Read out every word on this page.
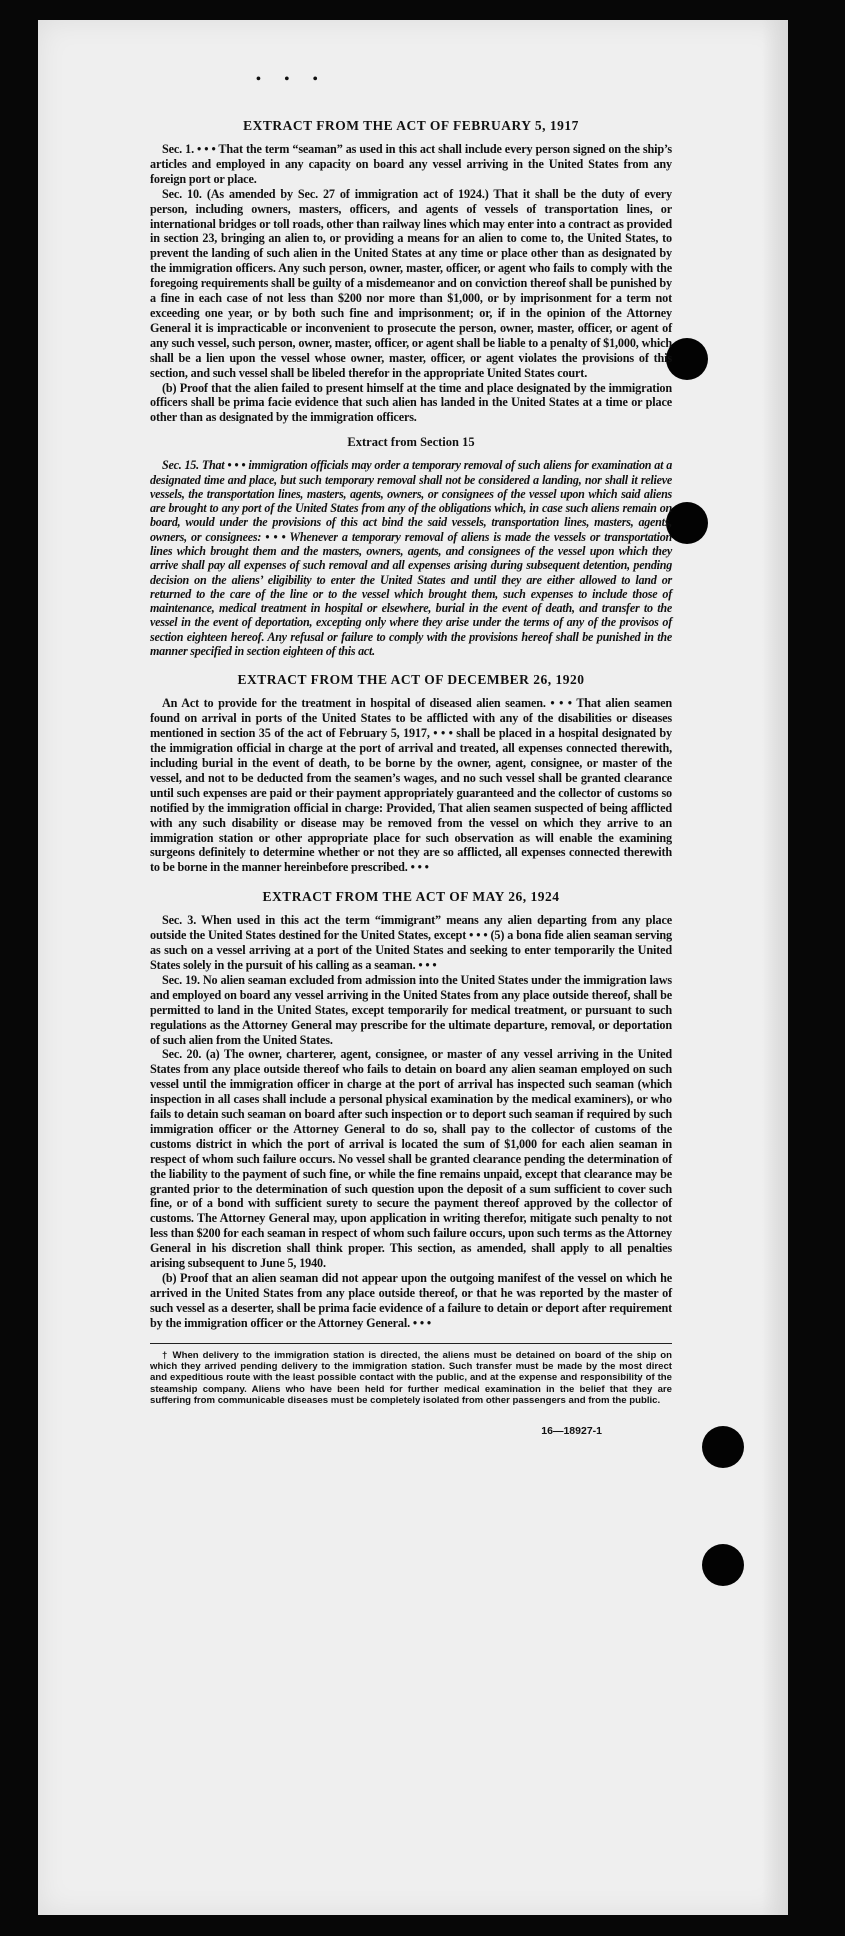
• • •
EXTRACT FROM THE ACT OF FEBRUARY 5, 1917

Sec. 1. • • • That the term “seaman” as used in this act shall include every person signed on the ship’s articles and employed in any capacity on board any vessel arriving in the United States from any foreign port or place.

Sec. 10. (As amended by Sec. 27 of immigration act of 1924.) That it shall be the duty of every person, including owners, masters, officers, and agents of vessels of transportation lines, or international bridges or toll roads, other than railway lines which may enter into a contract as provided in section 23, bringing an alien to, or providing a means for an alien to come to, the United States, to prevent the landing of such alien in the United States at any time or place other than as designated by the immigration officers. Any such person, owner, master, officer, or agent who fails to comply with the foregoing requirements shall be guilty of a misdemeanor and on conviction thereof shall be punished by a fine in each case of not less than $200 nor more than $1,000, or by imprisonment for a term not exceeding one year, or by both such fine and imprisonment; or, if in the opinion of the Attorney General it is impracticable or inconvenient to prosecute the person, owner, master, officer, or agent of any such vessel, such person, owner, master, officer, or agent shall be liable to a penalty of $1,000, which shall be a lien upon the vessel whose owner, master, officer, or agent violates the provisions of this section, and such vessel shall be libeled therefor in the appropriate United States court.

(b) Proof that the alien failed to present himself at the time and place designated by the immigration officers shall be prima facie evidence that such alien has landed in the United States at a time or place other than as designated by the immigration officers.

Extract from Section 15

Sec. 15. That • • • immigration officials may order a temporary removal of such aliens for examination at a designated time and place, but such temporary removal shall not be considered a landing, nor shall it relieve vessels, the transportation lines, masters, agents, owners, or consignees of the vessel upon which said aliens are brought to any port of the United States from any of the obligations which, in case such aliens remain on board, would under the provisions of this act bind the said vessels, transportation lines, masters, agents, owners, or consignees: • • • Whenever a temporary removal of aliens is made the vessels or transportation lines which brought them and the masters, owners, agents, and consignees of the vessel upon which they arrive shall pay all expenses of such removal and all expenses arising during subsequent detention, pending decision on the aliens’ eligibility to enter the United States and until they are either allowed to land or returned to the care of the line or to the vessel which brought them, such expenses to include those of maintenance, medical treatment in hospital or elsewhere, burial in the event of death, and transfer to the vessel in the event of deportation, excepting only where they arise under the terms of any of the provisos of section eighteen hereof. Any refusal or failure to comply with the provisions hereof shall be punished in the manner specified in section eighteen of this act.

EXTRACT FROM THE ACT OF DECEMBER 26, 1920

An Act to provide for the treatment in hospital of diseased alien seamen. • • • That alien seamen found on arrival in ports of the United States to be afflicted with any of the disabilities or diseases mentioned in section 35 of the act of February 5, 1917, • • • shall be placed in a hospital designated by the immigration official in charge at the port of arrival and treated, all expenses connected therewith, including burial in the event of death, to be borne by the owner, agent, consignee, or master of the vessel, and not to be deducted from the seamen’s wages, and no such vessel shall be granted clearance until such expenses are paid or their payment appropriately guaranteed and the collector of customs so notified by the immigration official in charge: Provided, That alien seamen suspected of being afflicted with any such disability or disease may be removed from the vessel on which they arrive to an immigration station or other appropriate place for such observation as will enable the examining surgeons definitely to determine whether or not they are so afflicted, all expenses connected therewith to be borne in the manner hereinbefore prescribed. • • •

EXTRACT FROM THE ACT OF MAY 26, 1924

Sec. 3. When used in this act the term “immigrant” means any alien departing from any place outside the United States destined for the United States, except • • • (5) a bona fide alien seaman serving as such on a vessel arriving at a port of the United States and seeking to enter temporarily the United States solely in the pursuit of his calling as a seaman. • • •

Sec. 19. No alien seaman excluded from admission into the United States under the immigration laws and employed on board any vessel arriving in the United States from any place outside thereof, shall be permitted to land in the United States, except temporarily for medical treatment, or pursuant to such regulations as the Attorney General may prescribe for the ultimate departure, removal, or deportation of such alien from the United States.

Sec. 20. (a) The owner, charterer, agent, consignee, or master of any vessel arriving in the United States from any place outside thereof who fails to detain on board any alien seaman employed on such vessel until the immigration officer in charge at the port of arrival has inspected such seaman (which inspection in all cases shall include a personal physical examination by the medical examiners), or who fails to detain such seaman on board after such inspection or to deport such seaman if required by such immigration officer or the Attorney General to do so, shall pay to the collector of customs of the customs district in which the port of arrival is located the sum of $1,000 for each alien seaman in respect of whom such failure occurs. No vessel shall be granted clearance pending the determination of the liability to the payment of such fine, or while the fine remains unpaid, except that clearance may be granted prior to the determination of such question upon the deposit of a sum sufficient to cover such fine, or of a bond with sufficient surety to secure the payment thereof approved by the collector of customs. The Attorney General may, upon application in writing therefor, mitigate such penalty to not less than $200 for each seaman in respect of whom such failure occurs, upon such terms as the Attorney General in his discretion shall think proper. This section, as amended, shall apply to all penalties arising subsequent to June 5, 1940.

(b) Proof that an alien seaman did not appear upon the outgoing manifest of the vessel on which he arrived in the United States from any place outside thereof, or that he was reported by the master of such vessel as a deserter, shall be prima facie evidence of a failure to detain or deport after requirement by the immigration officer or the Attorney General. • • •

† When delivery to the immigration station is directed, the aliens must be detained on board of the ship on which they arrived pending delivery to the immigration station. Such transfer must be made by the most direct and expeditious route with the least possible contact with the public, and at the expense and responsibility of the steamship company. Aliens who have been held for further medical examination in the belief that they are suffering from communicable diseases must be completely isolated from other passengers and from the public.

16—18927-1
